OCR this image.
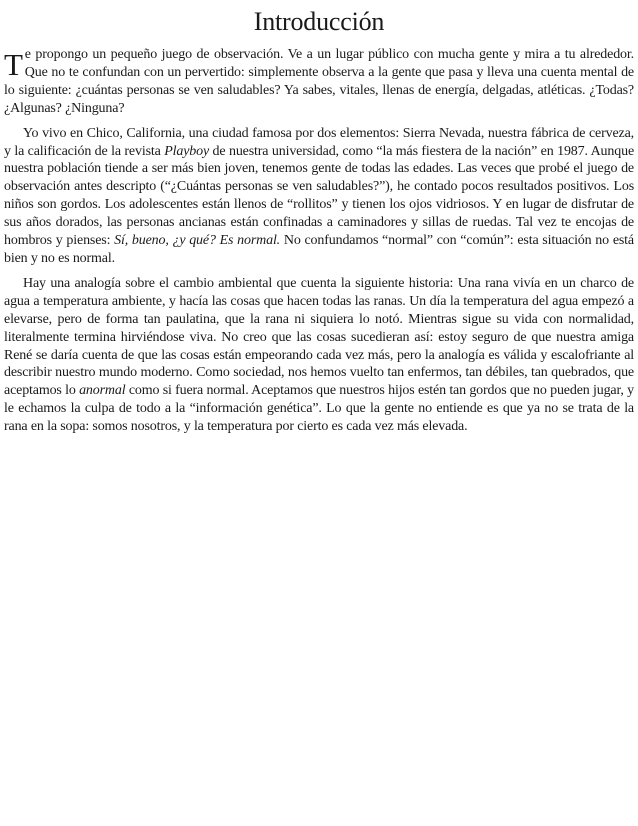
Introducción

Te propongo un pequeño juego de observación. Ve a un lugar público con mucha gente y mira a tu alrededor. Que no te confundan con un pervertido: simplemente observa a la gente que pasa y lleva una cuenta mental de lo siguiente: ¿cuántas personas se ven saludables? Ya sabes, vitales, llenas de energía, delgadas, atléticas. ¿Todas? ¿Algunas? ¿Ninguna?

Yo vivo en Chico, California, una ciudad famosa por dos elementos: Sierra Nevada, nuestra fábrica de cerveza, y la calificación de la revista Playboy de nuestra universidad, como “la más fiestera de la nación” en 1987. Aunque nuestra población tiende a ser más bien joven, tenemos gente de todas las edades. Las veces que probé el juego de observación antes descripto (“¿Cuántas personas se ven saludables?”), he contado pocos resultados positivos. Los niños son gordos. Los adolescentes están llenos de “rollitos” y tienen los ojos vidriosos. Y en lugar de disfrutar de sus años dorados, las personas ancianas están confinadas a caminadores y sillas de ruedas. Tal vez te encojas de hombros y pienses: Sí, bueno, ¿y qué? Es normal. No confundamos “normal” con “común”: esta situación no está bien y no es normal.

Hay una analogía sobre el cambio ambiental que cuenta la siguiente historia: Una rana vivía en un charco de agua a temperatura ambiente, y hacía las cosas que hacen todas las ranas. Un día la temperatura del agua empezó a elevarse, pero de forma tan paulatina, que la rana ni siquiera lo notó. Mientras sigue su vida con normalidad, literalmente termina hirviéndose viva. No creo que las cosas sucedieran así: estoy seguro de que nuestra amiga René se daría cuenta de que las cosas están empeorando cada vez más, pero la analogía es válida y escalofriante al describir nuestro mundo moderno. Como sociedad, nos hemos vuelto tan enfermos, tan débiles, tan quebrados, que aceptamos lo anormal como si fuera normal. Aceptamos que nuestros hijos estén tan gordos que no pueden jugar, y le echamos la culpa de todo a la “información genética”. Lo que la gente no entiende es que ya no se trata de la rana en la sopa: somos nosotros, y la temperatura por cierto es cada vez más elevada.
